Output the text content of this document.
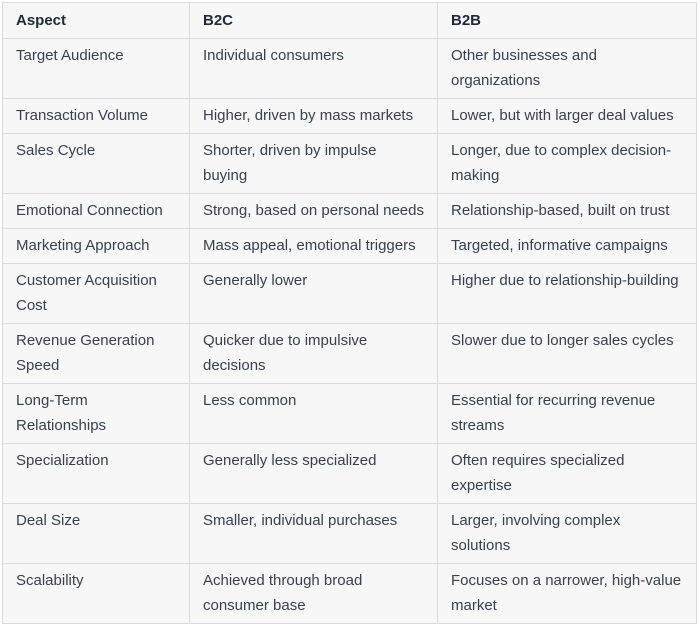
Aspect	B2C	B2B
Target Audience	Individual consumers	Other businesses and organizations
Transaction Volume	Higher, driven by mass markets	Lower, but with larger deal values
Sales Cycle	Shorter, driven by impulse buying	Longer, due to complex decision-making
Emotional Connection	Strong, based on personal needs	Relationship-based, built on trust
Marketing Approach	Mass appeal, emotional triggers	Targeted, informative campaigns
Customer Acquisition Cost	Generally lower	Higher due to relationship-building
Revenue Generation Speed	Quicker due to impulsive decisions	Slower due to longer sales cycles
Long-Term Relationships	Less common	Essential for recurring revenue streams
Specialization	Generally less specialized	Often requires specialized expertise
Deal Size	Smaller, individual purchases	Larger, involving complex solutions
Scalability	Achieved through broad consumer base	Focuses on a narrower, high-value market
